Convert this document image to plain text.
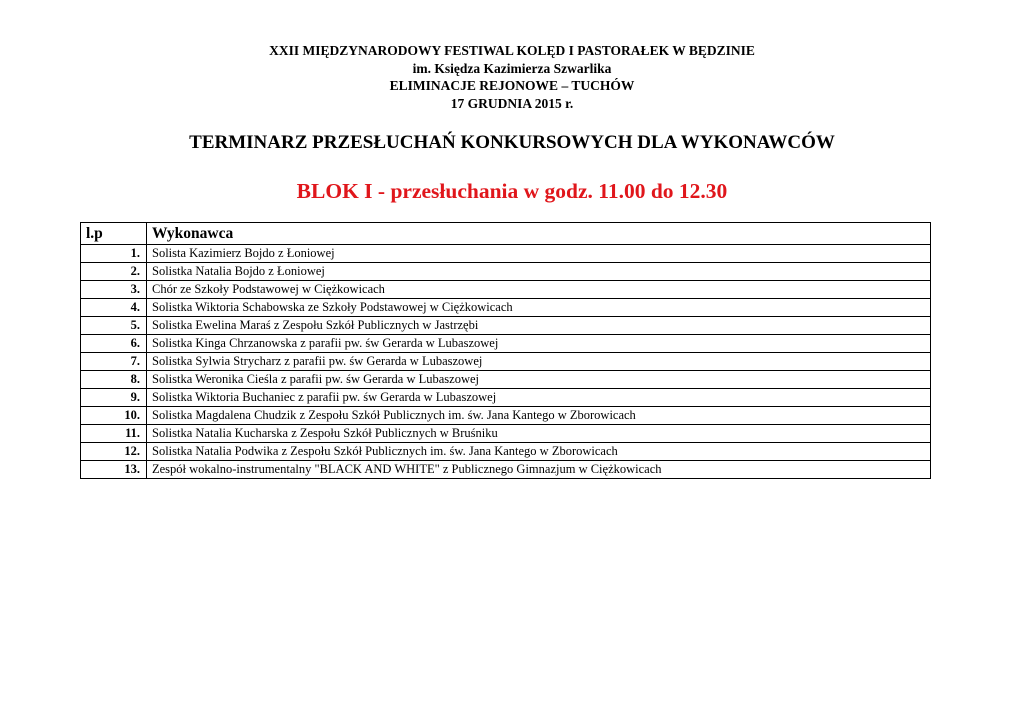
XXII MIĘDZYNARODOWY FESTIWAL KOLĘD I PASTORAŁEK W BĘDZINIE
im. Księdza Kazimierza Szwarlika
ELIMINACJE REJONOWE – TUCHÓW
17 GRUDNIA 2015 r.
TERMINARZ PRZESŁUCHAŃ KONKURSOWYCH DLA WYKONAWCÓW
BLOK I - przesłuchania w godz. 11.00 do 12.30
l.p	Wykonawca
1.	Solista Kazimierz Bojdo z Łoniowej
2.	Solistka Natalia Bojdo z Łoniowej
3.	Chór ze Szkoły Podstawowej w Ciężkowicach
4.	Solistka Wiktoria Schabowska ze Szkoły Podstawowej w Ciężkowicach
5.	Solistka Ewelina Maraś z Zespołu Szkół Publicznych w Jastrzębi
6.	Solistka Kinga Chrzanowska z parafii pw. św Gerarda w Lubaszowej
7.	Solistka Sylwia Strycharz z parafii pw. św Gerarda w Lubaszowej
8.	Solistka Weronika Cieśla z parafii pw. św Gerarda w Lubaszowej
9.	Solistka Wiktoria Buchaniec z parafii pw. św Gerarda w Lubaszowej
10.	Solistka Magdalena Chudzik z Zespołu Szkół Publicznych im. św. Jana Kantego w Zborowicach
11.	Solistka Natalia Kucharska z Zespołu Szkół Publicznych w Bruśniku
12.	Solistka Natalia Podwika z Zespołu Szkół Publicznych im. św. Jana Kantego w Zborowicach
13.	Zespół wokalno-instrumentalny "BLACK AND WHITE" z Publicznego Gimnazjum w Ciężkowicach
